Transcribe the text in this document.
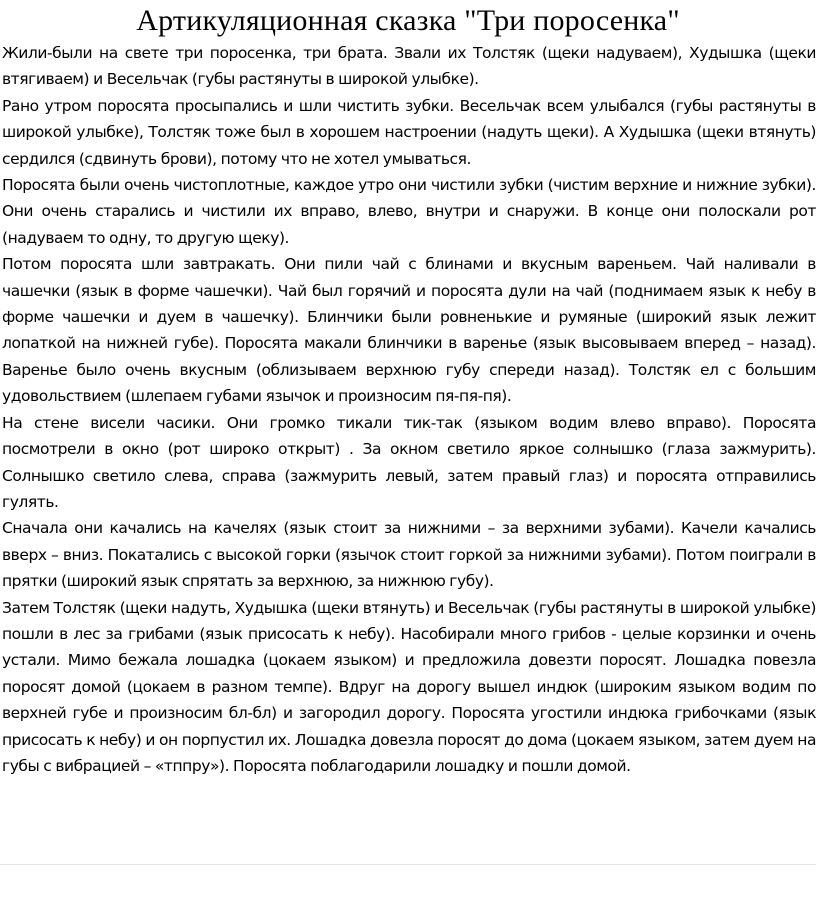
Артикуляционная сказка "Три поросенка"

Жили-были на свете три поросенка, три брата. Звали их Толстяк (щеки надуваем), Худышка (щеки втягиваем) и Весельчак (губы растянуты в широкой улыбке).

Рано утром поросята просыпались и шли чистить зубки. Весельчак всем улыбался (губы растянуты в широкой улыбке), Толстяк тоже был в хорошем настроении (надуть щеки). А Худышка (щеки втянуть) сердился (сдвинуть брови), потому что не хотел умываться.

Поросята были очень чистоплотные, каждое утро они чистили зубки (чистим верхние и нижние зубки). Они очень старались и чистили их вправо, влево, внутри и снаружи. В конце они полоскали рот (надуваем то одну, то другую щеку).

Потом поросята шли завтракать. Они пили чай с блинами и вкусным вареньем. Чай наливали в чашечки (язык в форме чашечки). Чай был горячий и поросята дули на чай (поднимаем язык к небу в форме чашечки и дуем в чашечку). Блинчики были ровненькие и румяные (широкий язык лежит лопаткой на нижней губе). Поросята макали блинчики в варенье (язык высовываем вперед – назад). Варенье было очень вкусным (облизываем верхнюю губу спереди назад). Толстяк ел с большим удовольствием (шлепаем губами язычок и произносим пя-пя-пя).

На стене висели часики. Они громко тикали тик-так (языком водим влево вправо). Поросята посмотрели в окно (рот широко открыт) . За окном светило яркое солнышко (глаза зажмурить). Солнышко светило слева, справа (зажмурить левый, затем правый глаз) и поросята отправились гулять.

Сначала они качались на качелях (язык стоит за нижними – за верхними зубами). Качели качались вверх – вниз. Покатались с высокой горки (язычок стоит горкой за нижними зубами). Потом поиграли в прятки (широкий язык спрятать за верхнюю, за нижнюю губу).

Затем Толстяк (щеки надуть, Худышка (щеки втянуть) и Весельчак (губы растянуты в широкой улыбке) пошли в лес за грибами (язык присосать к небу). Насобирали много грибов - целые корзинки и очень устали. Мимо бежала лошадка (цокаем языком) и предложила довезти поросят. Лошадка повезла поросят домой (цокаем в разном темпе). Вдруг на дорогу вышел индюк (широким языком водим по верхней губе и произносим бл-бл) и загородил дорогу. Поросята угостили индюка грибочками (язык присосать к небу) и он порпустил их. Лошадка довезла поросят до дома (цокаем языком, затем дуем на губы с вибрацией – «тппру»). Поросята поблагодарили лошадку и пошли домой.
